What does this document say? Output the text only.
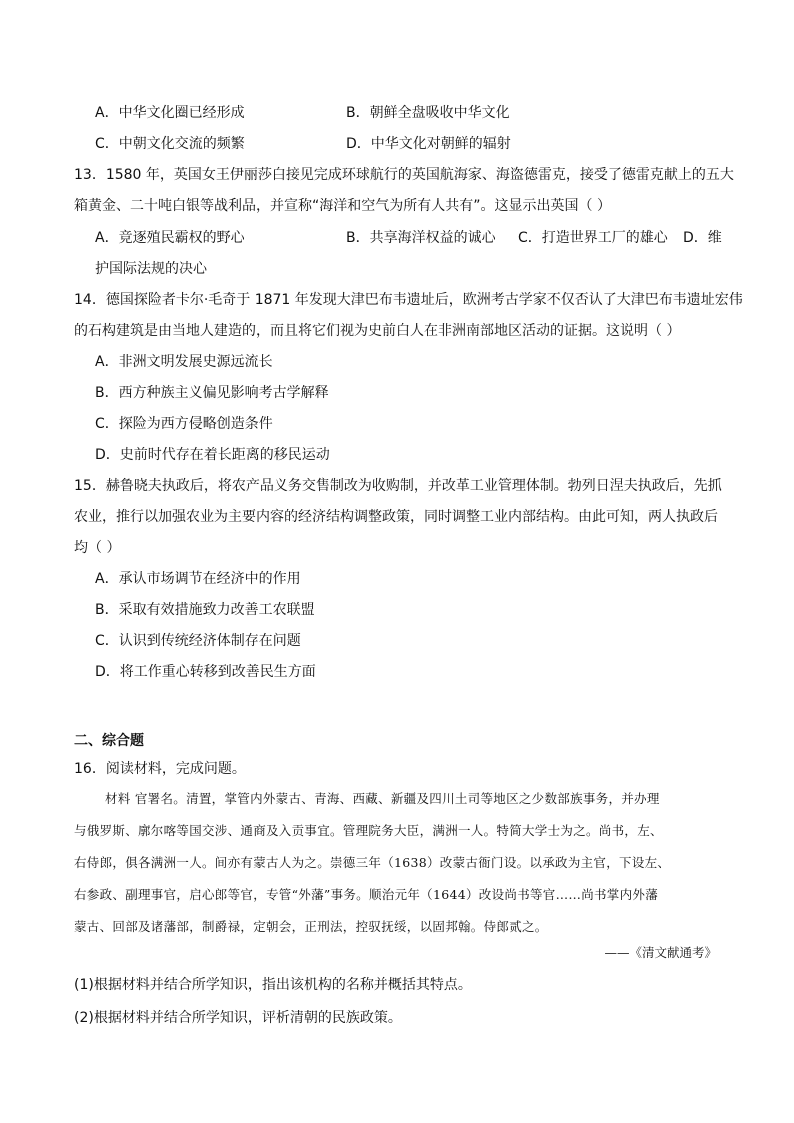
A．中华文化圈已经形成	B．朝鲜全盘吸收中华文化
C．中朝文化交流的频繁	D．中华文化对朝鲜的辐射
13．1580 年，英国女王伊丽莎白接见完成环球航行的英国航海家、海盗德雷克，接受了德雷克献上的五大
箱黄金、二十吨白银等战利品，并宣称“海洋和空气为所有人共有”。这显示出英国（ ）
A．竞逐殖民霸权的野心	B．共享海洋权益的诚心 C．打造世界工厂的雄心 D．维
护国际法规的决心
14．德国探险者卡尔·毛奇于 1871 年发现大津巴布韦遗址后，欧洲考古学家不仅否认了大津巴布韦遗址宏伟
的石构建筑是由当地人建造的，而且将它们视为史前白人在非洲南部地区活动的证据。这说明（ ）
A．非洲文明发展史源远流长
B．西方种族主义偏见影响考古学解释
C．探险为西方侵略创造条件
D．史前时代存在着长距离的移民运动
15．赫鲁晓夫执政后，将农产品义务交售制改为收购制，并改革工业管理体制。勃列日涅夫执政后，先抓
农业，推行以加强农业为主要内容的经济结构调整政策，同时调整工业内部结构。由此可知，两人执政后
均（ ）
A．承认市场调节在经济中的作用
B．采取有效措施致力改善工农联盟
C．认识到传统经济体制存在问题
D．将工作重心转移到改善民生方面
二、综合题
16．阅读材料，完成问题。
材料 官署名。清置，掌管内外蒙古、青海、西藏、新疆及四川土司等地区之少数部族事务，并办理
与俄罗斯、廓尔喀等国交涉、通商及入贡事宜。管理院务大臣，满洲一人。特简大学士为之。尚书，左、
右侍郎，俱各满洲一人。间亦有蒙古人为之。崇德三年（1638）改蒙古衙门设。以承政为主官，下设左、
右参政、副理事官，启心郎等官，专管“外藩”事务。顺治元年（1644）改设尚书等官……尚书掌内外藩
蒙古、回部及诸藩部，制爵禄，定朝会，正刑法，控驭抚绥，以固邦翰。侍郎贰之。
——《清文献通考》
(1)根据材料并结合所学知识，指出该机构的名称并概括其特点。
(2)根据材料并结合所学知识，评析清朝的民族政策。
